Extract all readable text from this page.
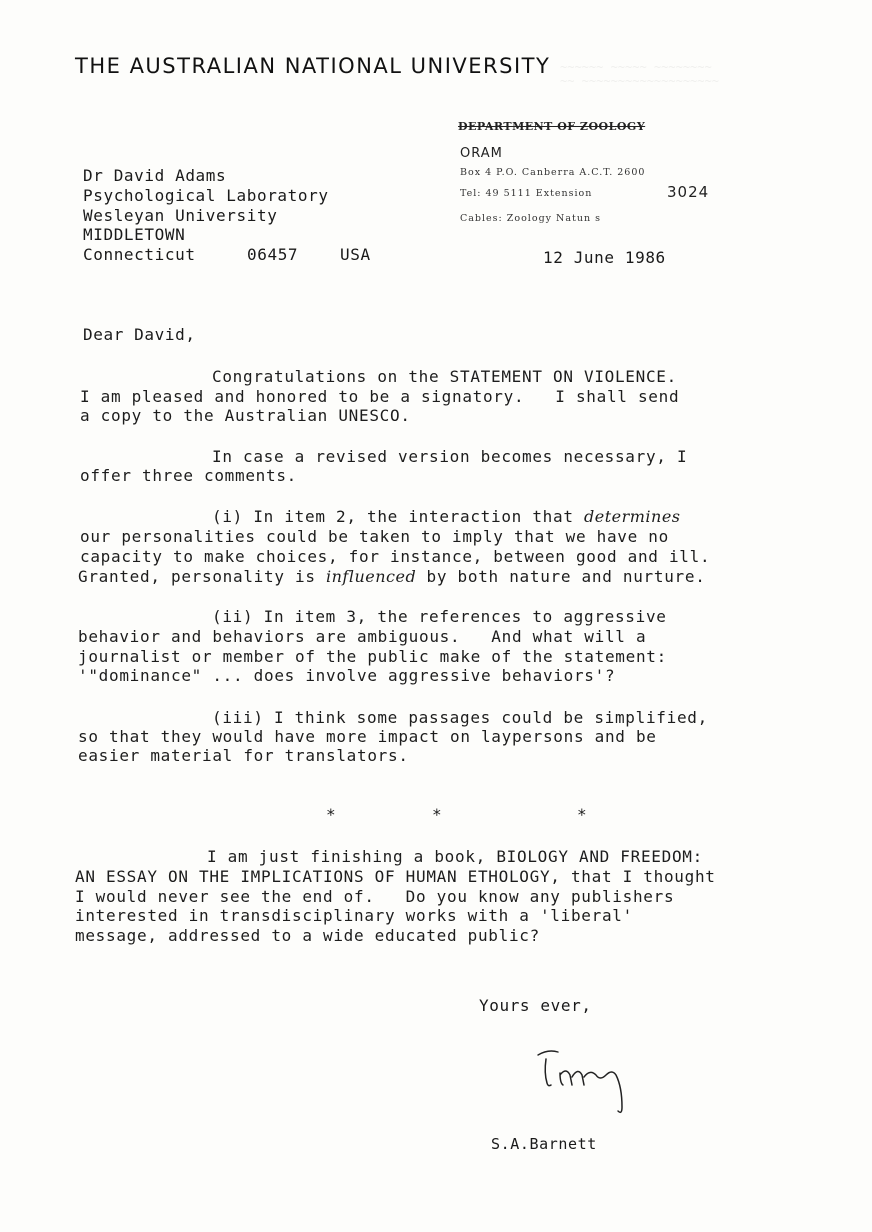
~~~~~~ ~~~~~ ~~~~~~~~
~~ ~~~~~~~~~~~~~~~~~~~
THE AUSTRALIAN NATIONAL UNIVERSITY
DEPARTMENT OF ZOOLOGY
ORAM
Box 4 P.O. Canberra A.C.T. 2600
Tel: 49 5111 Extension	3024
Cables: Zoology Natun s
Dr David Adams
Psychological Laboratory
Wesleyan University
MIDDLETOWN
Connecticut	06457	USA	12 June 1986
Dear David,
Congratulations on the STATEMENT ON VIOLENCE.
I am pleased and honored to be a signatory.   I shall send
a copy to the Australian UNESCO.
In case a revised version becomes necessary, I
offer three comments.
(i) In item 2, the interaction that determines
our personalities could be taken to imply that we have no
capacity to make choices, for instance, between good and ill.
Granted, personality is influenced by both nature and nurture.
(ii) In item 3, the references to aggressive
behavior and behaviors are ambiguous.   And what will a
journalist or member of the public make of the statement:
'"dominance" ... does involve aggressive behaviors'?
(iii) I think some passages could be simplified,
so that they would have more impact on laypersons and be
easier material for translators.
*	*	*
I am just finishing a book, BIOLOGY AND FREEDOM:
AN ESSAY ON THE IMPLICATIONS OF HUMAN ETHOLOGY, that I thought
I would never see the end of.   Do you know any publishers
interested in transdisciplinary works with a 'liberal'
message, addressed to a wide educated public?
Yours ever,
S.A.Barnett
